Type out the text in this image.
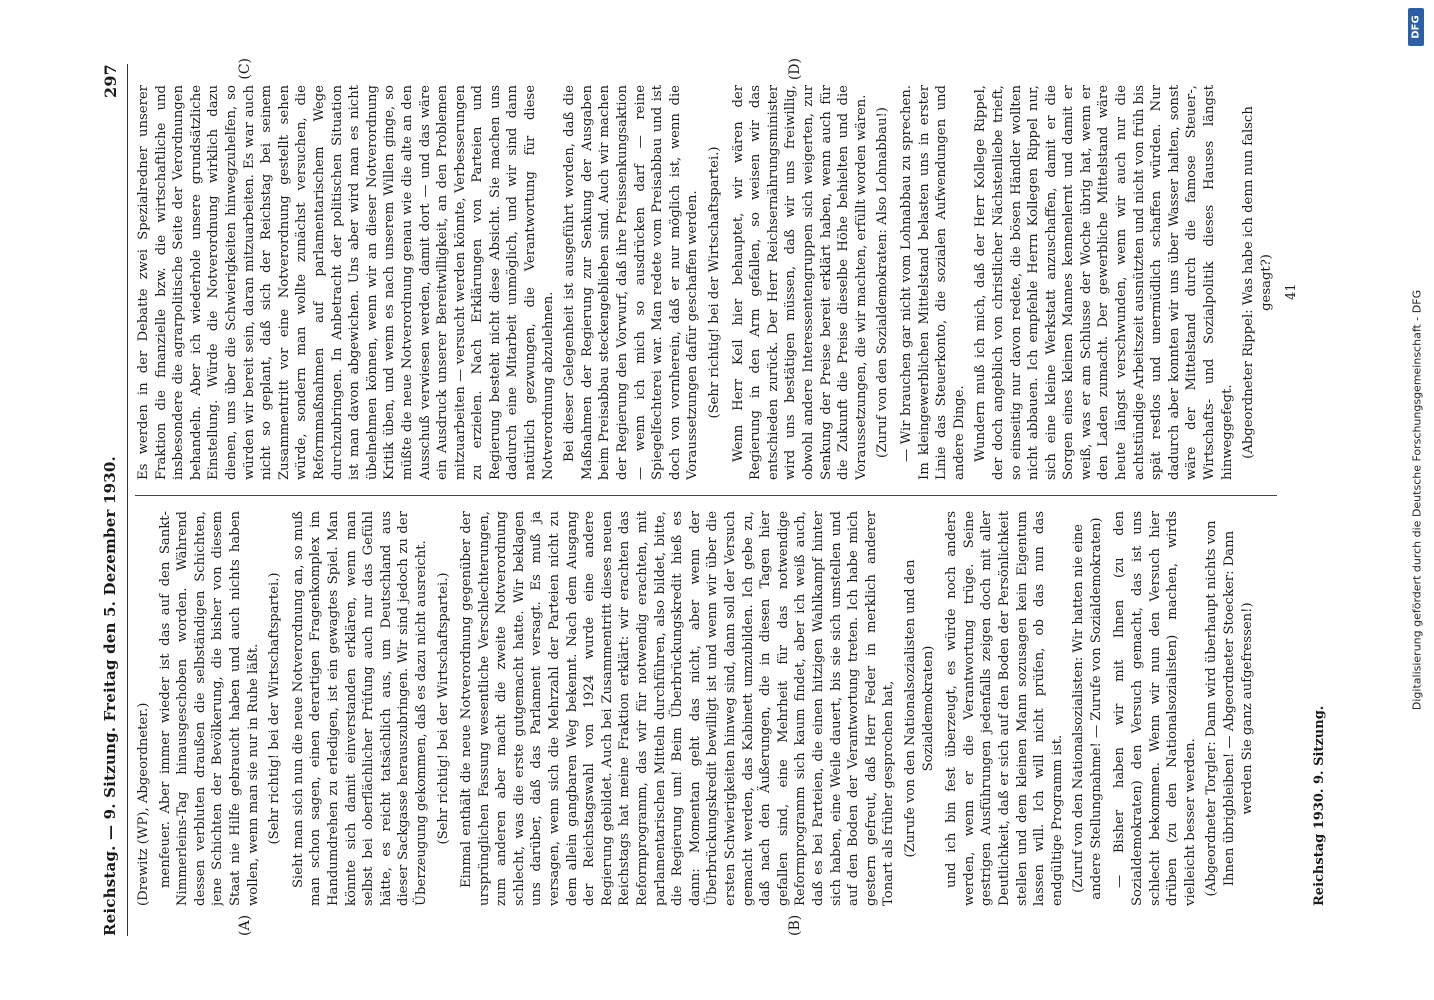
Reichstag. — 9. Sitzung. Freitag den 5. Dezember 1930.
297
(A)	(B)
(C)	(D)

(Drewitz (WP), Abgeordneter.) menfeuer. Aber immer wieder ist das auf den Sankt-Nimmerleins-Tag hinausgeschoben worden. Während dessen verbluten draußen die selbständigen Schichten, jene Schichten der Bevölkerung, die bisher von diesem Staat nie Hilfe gebraucht haben und auch nichts haben wollen, wenn man sie nur in Ruhe läßt. (Sehr richtig! bei der Wirtschaftspartei.) Sieht man sich nun die neue Notverordnung an, so muß man schon sagen, einen derartigen Fragenkomplex im Handumdrehen zu erledigen, ist ein gewagtes Spiel. Man könnte sich damit einverstanden erklären, wenn man selbst bei oberflächlicher Prüfung auch nur das Gefühl hätte, es reicht tatsächlich aus, um Deutschland aus dieser Sackgasse herauszubringen. Wir sind jedoch zu der Überzeugung gekommen, daß es dazu nicht ausreicht. (Sehr richtig! bei der Wirtschaftspartei.) Einmal enthält die neue Notverordnung gegenüber der ursprünglichen Fassung wesentliche Verschlechterungen, zum anderen aber macht die zweite Notverordnung schlecht, was die erste gutgemacht hatte. Wir beklagen uns darüber, daß das Parlament versagt. Es muß ja versagen, wenn sich die Mehrzahl der Parteien nicht zu dem allein gangbaren Weg bekennt. Nach dem Ausgang der Reichstagswahl von 1924 wurde eine andere Regierung gebildet. Auch bei Zusammentritt dieses neuen Reichstags hat meine Fraktion erklärt: wir erachten das Reformprogramm, das wir für notwendig erachten, mit parlamentarischen Mitteln durchführen, also bildet, bitte, die Regierung um! Beim Überbrückungskredit hieß es dann: Momentan geht das nicht, aber wenn der Überbrückungskredit bewilligt ist und wenn wir über die ersten Schwierigkeiten hinweg sind, dann soll der Versuch gemacht werden, das Kabinett umzubilden. Ich gebe zu, daß nach den Äußerungen, die in diesen Tagen hier gefallen sind, eine Mehrheit für das notwendige Reformprogramm sich kaum findet, aber ich weiß auch, daß es bei Parteien, die einen hitzigen Wahlkampf hinter sich haben, eine Weile dauert, bis sie sich umstellen und auf den Boden der Verantwortung treten. Ich habe mich gestern gefreut, daß Herr Feder in merklich anderer Tonart als früher gesprochen hat, (Zurufe von den Nationalsozialisten und den Sozialdemokraten) und ich bin fest überzeugt, es würde noch anders werden, wenn er die Verantwortung trüge. Seine gestrigen Ausführungen jedenfalls zeigen doch mit aller Deutlichkeit, daß er sich auf den Boden der Persönlichkeit stellen und dem kleinen Mann sozusagen kein Eigentum lassen will. Ich will nicht prüfen, ob das nun das endgültige Programm ist. (Zuruf von den Nationalsozialisten: Wir hatten nie eine andere Stellungnahme! — Zurufe von Sozialdemokraten) — Bisher haben wir mit Ihnen (zu den Sozialdemokraten) den Versuch gemacht, das ist uns schlecht bekommen. Wenn wir nun den Versuch hier drüben (zu den Nationalsozialisten) machen, wirds vielleicht besser werden. (Abgeordneter Torgler: Dann wird überhaupt nichts von Ihnen übrigbleiben! — Abgeordneter Stoecker: Dann werden Sie ganz aufgefressen!)

Es werden in der Debatte zwei Spezialredner unserer Fraktion die finanzielle bzw. die wirtschaftliche und insbesondere die agrarpolitische Seite der Verordnungen behandeln. Aber ich wiederhole unsere grundsätzliche Einstellung. Würde die Notverordnung wirklich dazu dienen, uns über die Schwierigkeiten hinwegzuhelfen, so würden wir bereit sein, daran mitzuarbeiten. Es war auch nicht so geplant, daß sich der Reichstag bei seinem Zusammentritt vor eine Notverordnung gestellt sehen würde, sondern man wollte zunächst versuchen, die Reformmaßnahmen auf parlamentarischem Wege durchzubringen. In Anbetracht der politischen Situation ist man davon abgewichen. Uns aber wird man es nicht übelnehmen können, wenn wir an dieser Notverordnung Kritik üben, und wenn es nach unserem Willen ginge, so müßte die neue Notverordnung genau wie die alte an den Ausschuß verwiesen werden, damit dort — und das wäre ein Ausdruck unserer Bereitwilligkeit, an den Problemen mitzuarbeiten — versucht werden könnte, Verbesserungen zu erzielen. Nach Erklärungen von Parteien und Regierung besteht nicht diese Absicht. Sie machen uns dadurch eine Mitarbeit unmöglich, und wir sind dann natürlich gezwungen, die Verantwortung für diese Notverordnung abzulehnen. Bei dieser Gelegenheit ist ausgeführt worden, daß die Maßnahmen der Regierung zur Senkung der Ausgaben beim Preisabbau steckengeblieben sind. Auch wir machen der Regierung den Vorwurf, daß ihre Preissenkungsaktion — wenn ich mich so ausdrücken darf — reine Spiegelfechterei war. Man redete vom Preisabbau und ist doch von vornherein, daß er nur möglich ist, wenn die Voraussetzungen dafür geschaffen werden. (Sehr richtig! bei der Wirtschaftspartei.) Wenn Herr Keil hier behauptet, wir wären der Regierung in den Arm gefallen, so weisen wir das entschieden zurück. Der Herr Reichsernährungsminister wird uns bestätigen müssen, daß wir uns freiwillig, obwohl andere Interessentengruppen sich weigerten, zur Senkung der Preise bereit erklärt haben, wenn auch für die Zukunft die Preise dieselbe Höhe behielten und die Voraussetzungen, die wir machten, erfüllt worden wären. (Zuruf von den Sozialdemokraten: Also Lohnabbau!) — Wir brauchen gar nicht vom Lohnabbau zu sprechen. Im kleingewerblichen Mittelstand belasten uns in erster Linie das Steuerkonto, die sozialen Aufwendungen und andere Dinge. Wundern muß ich mich, daß der Herr Kollege Rippel, der doch angeblich von christlicher Nächstenliebe trieft, so einseitig nur davon redete, die bösen Händler wollten nicht abbauen. Ich empfehle Herrn Kollegen Rippel nur, sich eine kleine Werkstatt anzuschaffen, damit er die Sorgen eines kleinen Mannes kennenlernt und damit er weiß, was er am Schlusse der Woche übrig hat, wenn er den Laden zumacht. Der gewerbliche Mittelstand wäre heute längst verschwunden, wenn wir auch nur die achtstündige Arbeitszeit ausnützten und nicht von früh bis spät restlos und unermüdlich schaffen würden. Nur dadurch aber konnten wir uns über Wasser halten, sonst wäre der Mittelstand durch die famose Steuer-, Wirtschafts- und Sozialpolitik dieses Hauses längst hinweggefegt. (Abgeordneter Rippel: Was habe ich denn nun falsch gesagt?) 41
Reichstag 1930. 9. Sitzung.
DFG
Digitalisierung gefördert durch die Deutsche Forschungsgemeinschaft - DFG
